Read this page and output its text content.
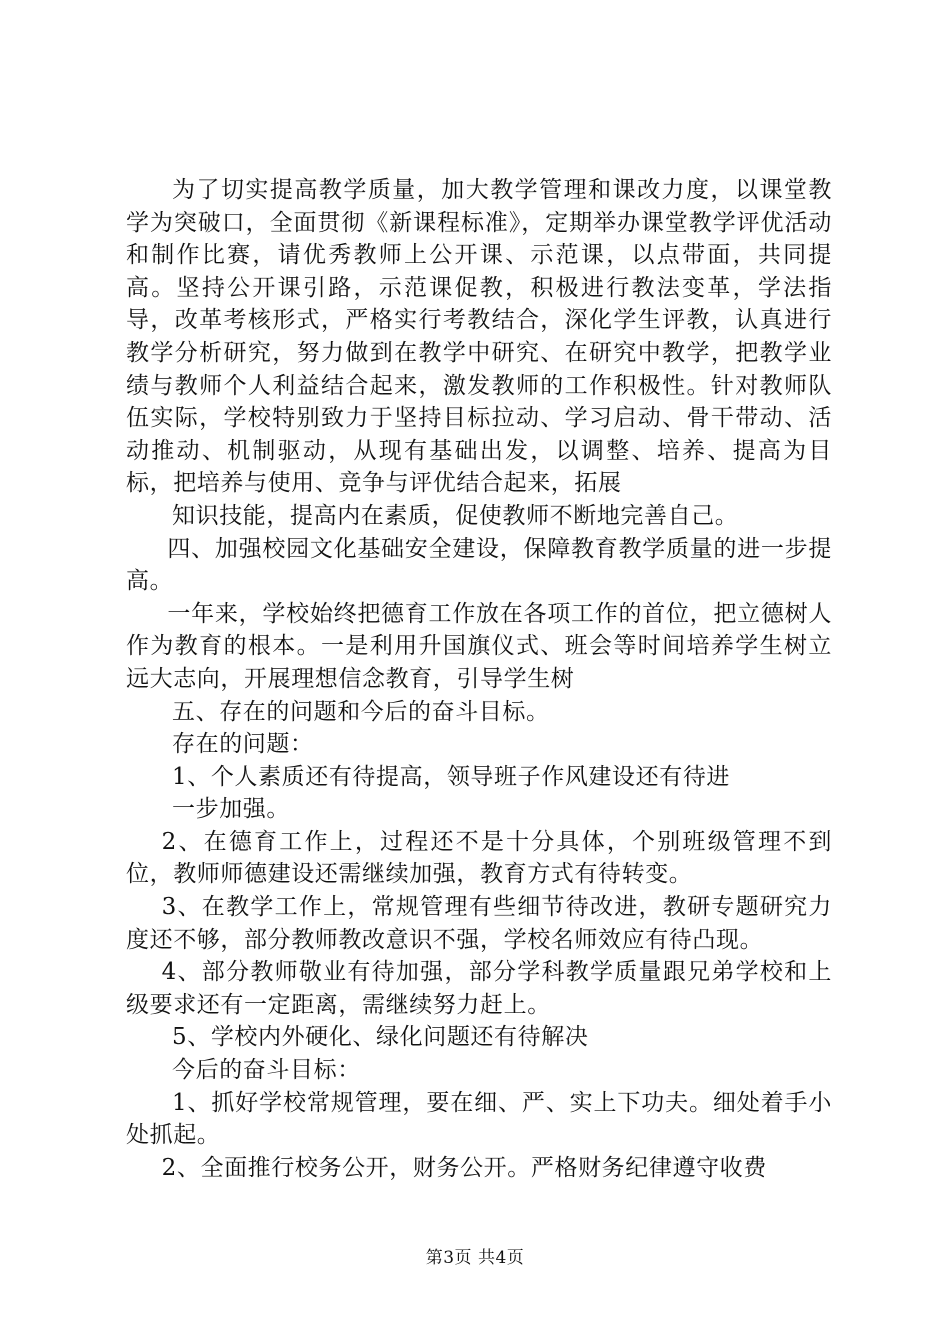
为了切实提高教学质量，加大教学管理和课改力度，以课堂教学为突破口，全面贯彻《新课程标准》，定期举办课堂教学评优活动和制作比赛，请优秀教师上公开课、示范课，以点带面，共同提高。坚持公开课引路，示范课促教，积极进行教法变革，学法指导，改革考核形式，严格实行考教结合，深化学生评教，认真进行教学分析研究，努力做到在教学中研究、在研究中教学，把教学业绩与教师个人利益结合起来，激发教师的工作积极性。针对教师队伍实际，学校特别致力于坚持目标拉动、学习启动、骨干带动、活动推动、机制驱动，从现有基础出发，以调整、培养、提高为目标，把培养与使用、竞争与评优结合起来，拓展

知识技能，提高内在素质，促使教师不断地完善自己。

四、加强校园文化基础安全建设，保障教育教学质量的进一步提高。

一年来，学校始终把德育工作放在各项工作的首位，把立德树人作为教育的根本。一是利用升国旗仪式、班会等时间培养学生树立远大志向，开展理想信念教育，引导学生树

五、存在的问题和今后的奋斗目标。

存在的问题：

1、个人素质还有待提高，领导班子作风建设还有待进

一步加强。

2、在德育工作上，过程还不是十分具体，个别班级管理不到位，教师师德建设还需继续加强，教育方式有待转变。

3、在教学工作上，常规管理有些细节待改进，教研专题研究力度还不够，部分教师教改意识不强，学校名师效应有待凸现。

4、部分教师敬业有待加强，部分学科教学质量跟兄弟学校和上级要求还有一定距离，需继续努力赶上。

5、学校内外硬化、绿化问题还有待解决

今后的奋斗目标：

1、抓好学校常规管理，要在细、严、实上下功夫。细处着手小处抓起。

2、全面推行校务公开，财务公开。严格财务纪律遵守收费

第3页 共4页
